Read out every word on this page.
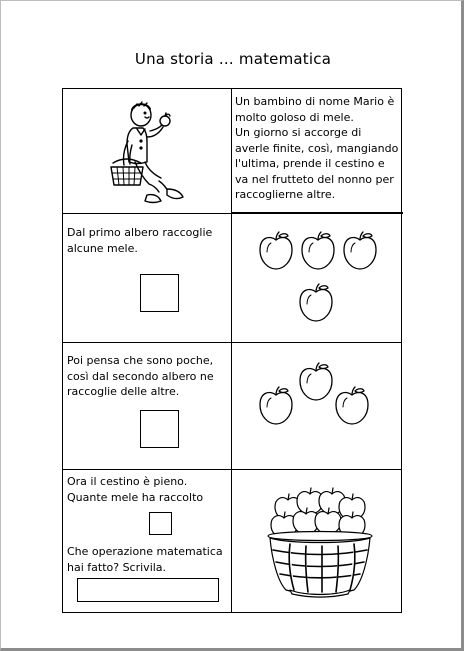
Una storia … matematica
Un bambino di nome Mario è
molto goloso di mele.
Un giorno si accorge di
averle finite, così, mangiando
l'ultima, prende il cestino e
va nel frutteto del nonno per
raccoglierne altre.
Dal primo albero raccoglie
alcune mele.
Poi pensa che sono poche,
così dal secondo albero ne
raccoglie delle altre.
Ora il cestino è pieno.
Quante mele ha raccolto
Che operazione matematica
hai fatto? Scrivila.
